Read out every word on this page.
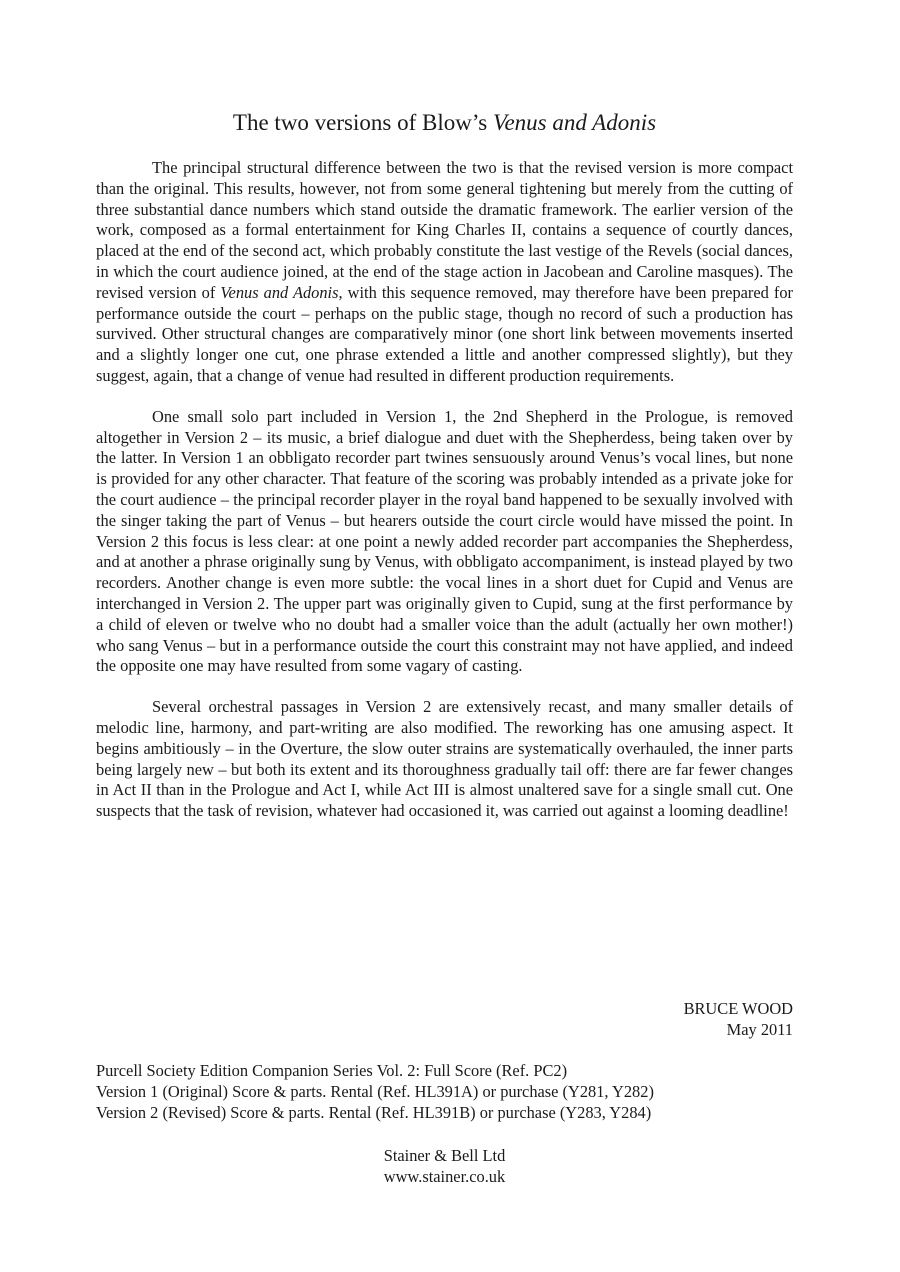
The two versions of Blow’s Venus and Adonis

The principal structural difference between the two is that the revised version is more compact than the original. This results, however, not from some general tightening but merely from the cutting of three substantial dance numbers which stand outside the dramatic framework. The earlier version of the work, composed as a formal entertainment for King Charles II, contains a sequence of courtly dances, placed at the end of the second act, which probably constitute the last vestige of the Revels (social dances, in which the court audience joined, at the end of the stage action in Jacobean and Caroline masques). The revised version of Venus and Adonis, with this sequence removed, may therefore have been prepared for performance outside the court – perhaps on the public stage, though no record of such a production has survived. Other structural changes are comparatively minor (one short link between movements inserted and a slightly longer one cut, one phrase extended a little and another compressed slightly), but they suggest, again, that a change of venue had resulted in different production requirements.

One small solo part included in Version 1, the 2nd Shepherd in the Prologue, is removed altogether in Version 2 – its music, a brief dialogue and duet with the Shepherdess, being taken over by the latter. In Version 1 an obbligato recorder part twines sensuously around Venus’s vocal lines, but none is provided for any other character. That feature of the scoring was probably intended as a private joke for the court audience – the principal recorder player in the royal band happened to be sexually involved with the singer taking the part of Venus – but hearers outside the court circle would have missed the point. In Version 2 this focus is less clear: at one point a newly added recorder part accompanies the Shepherdess, and at another a phrase originally sung by Venus, with obbligato accompaniment, is instead played by two recorders. Another change is even more subtle: the vocal lines in a short duet for Cupid and Venus are interchanged in Version 2. The upper part was originally given to Cupid, sung at the first performance by a child of eleven or twelve who no doubt had a smaller voice than the adult (actually her own mother!) who sang Venus – but in a performance outside the court this constraint may not have applied, and indeed the opposite one may have resulted from some vagary of casting.

Several orchestral passages in Version 2 are extensively recast, and many smaller details of melodic line, harmony, and part-writing are also modified. The reworking has one amusing aspect. It begins ambitiously – in the Overture, the slow outer strains are systematically overhauled, the inner parts being largely new – but both its extent and its thoroughness gradually tail off: there are far fewer changes in Act II than in the Prologue and Act I, while Act III is almost unaltered save for a single small cut. One suspects that the task of revision, whatever had occasioned it, was carried out against a looming deadline!

BRUCE WOOD
May 2011
Purcell Society Edition Companion Series Vol. 2: Full Score (Ref. PC2)
Version 1 (Original) Score & parts. Rental (Ref. HL391A) or purchase (Y281, Y282)
Version 2 (Revised) Score & parts. Rental (Ref. HL391B) or purchase (Y283, Y284)
Stainer & Bell Ltd
www.stainer.co.uk
